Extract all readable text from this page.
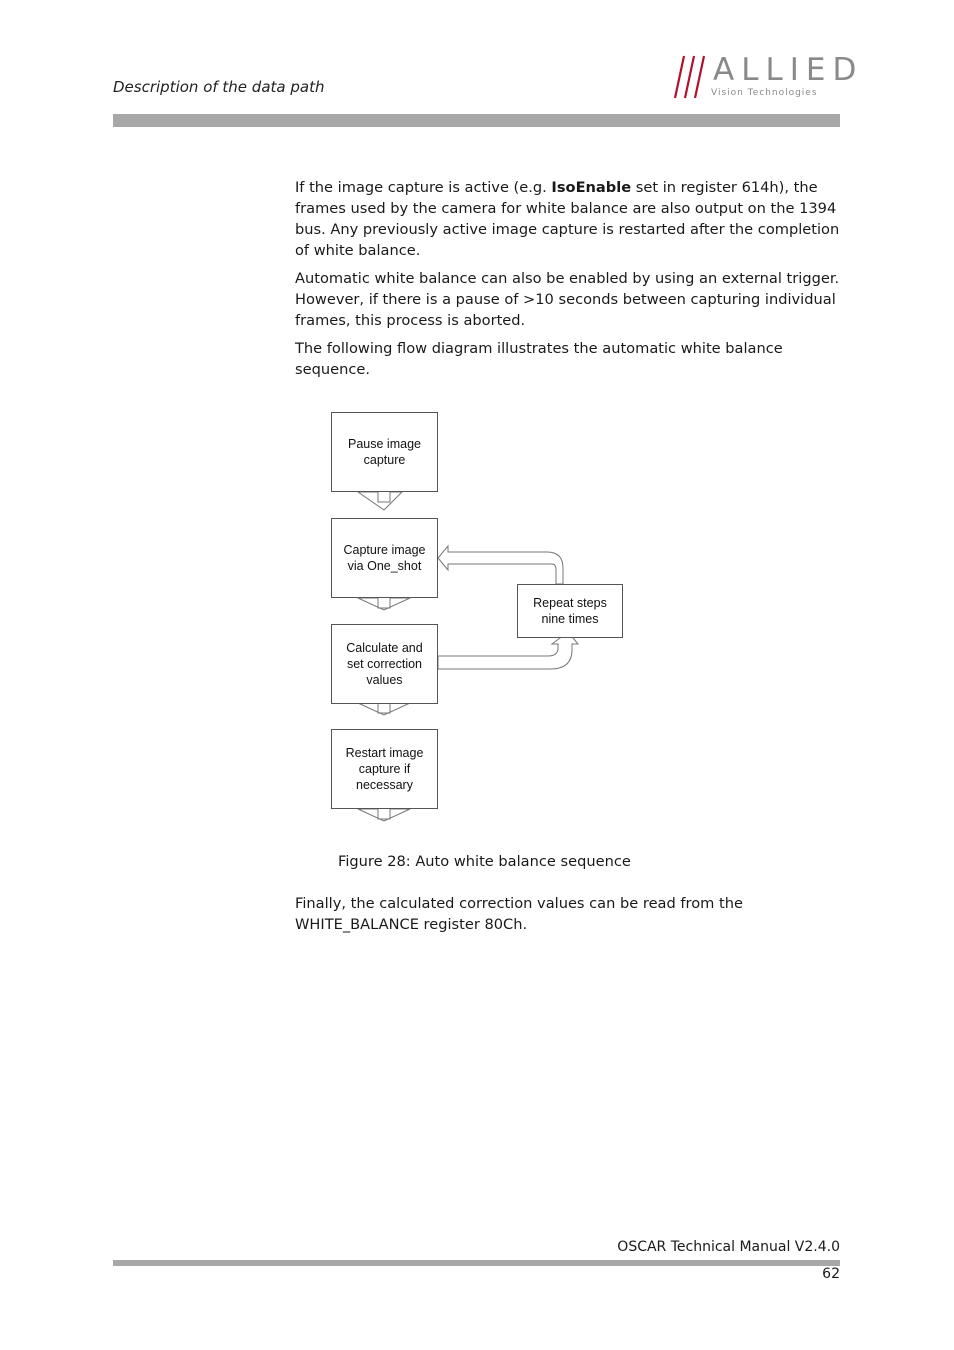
Description of the data path	ALLIED
Vision Technologies

If the image capture is active (e.g. IsoEnable set in register 614h), the frames used by the camera for white balance are also output on the 1394 bus. Any previously active image capture is restarted after the completion of white balance.

Automatic white balance can also be enabled by using an external trigger. However, if there is a pause of >10 seconds between capturing individual frames, this process is aborted.

The following flow diagram illustrates the automatic white balance sequence.

Pause image
capture
Capture image
via One_shot
Calculate and
set correction
values
Restart image
capture if
necessary
Repeat steps
nine times
Figure 28: Auto white balance sequence

Finally, the calculated correction values can be read from the WHITE_BALANCE register 80Ch.

OSCAR Technical Manual V2.4.0
62
